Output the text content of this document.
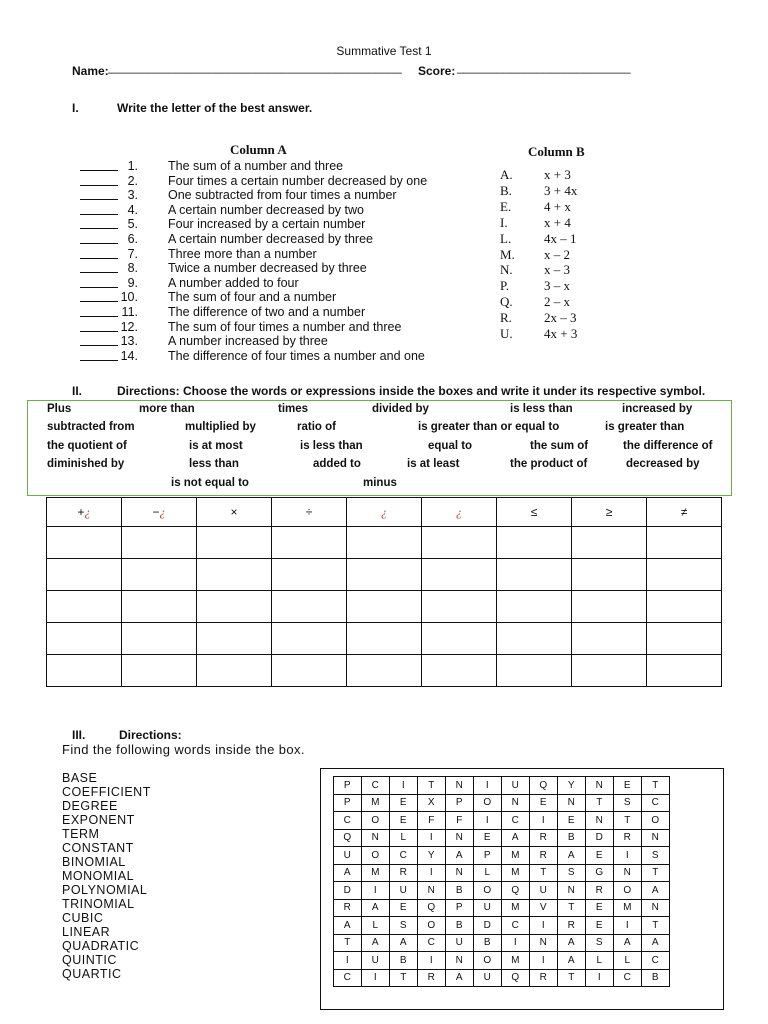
Summative Test 1
Name: ____________________________________________ Score: __________________________
I.	Write the letter of the best answer.
Column A	Column B
1. The sum of a number and three
2. Four times a certain number decreased by one
3. One subtracted from four times a number
4. A certain number decreased by two
5. Four increased by a certain number
6. A certain number decreased by three
7. Three more than a number
8. Twice a number decreased by three
9. A number added to four
10. The sum of four and a number
11. The difference of two and a number
12. The sum of four times a number and three
13. A number increased by three
14. The difference of four times a number and one
A. x + 3
B. 3 + 4x
E.	4 + x
I.	x + 4
L.	4x – 1
M. x – 2
N. x – 3
P.	3 – x
Q. 2 – x
R. 2x – 3
U. 4x + 3
II.	Directions: Choose the words or expressions inside the boxes and write it under its respective symbol.
Plus	more than	times	divided by	is less than	increased by
subtracted from	multiplied by	ratio of	is greater than or equal to	is greater than
the quotient of	is at most	is less than	equal to	the sum of	the difference of
diminished by	less than	added to	is at least	the product of	decreased by
is not equal to	minus
+¿	−¿	×	÷	¿	¿	≤	≥	≠

III.	Directions:
Find the following words inside the box.
BASE
COEFFICIENT
DEGREE
EXPONENT
TERM
CONSTANT
BINOMIAL
MONOMIAL
POLYNOMIAL
TRINOMIAL
CUBIC
LINEAR
QUADRATIC
QUINTIC
QUARTIC
P	C	I	T	N	I	U	Q	Y	N	E	T
P	M	E	X	P	O	N	E	N	T	S	C
C	O	E	F	F	I	C	I	E	N	T	O
Q	N	L	I	N	E	A	R	B	D	R	N
U	O	C	Y	A	P	M	R	A	E	I	S
A	M	R	I	N	L	M	T	S	G	N	T
D	I	U	N	B	O	Q	U	N	R	O	A
R	A	E	Q	P	U	M	V	T	E	M	N
A	L	S	O	B	D	C	I	R	E	I	T
T	A	A	C	U	B	I	N	A	S	A	A
I	U	B	I	N	O	M	I	A	L	L	C
C	I	T	R	A	U	Q	R	T	I	C	B
